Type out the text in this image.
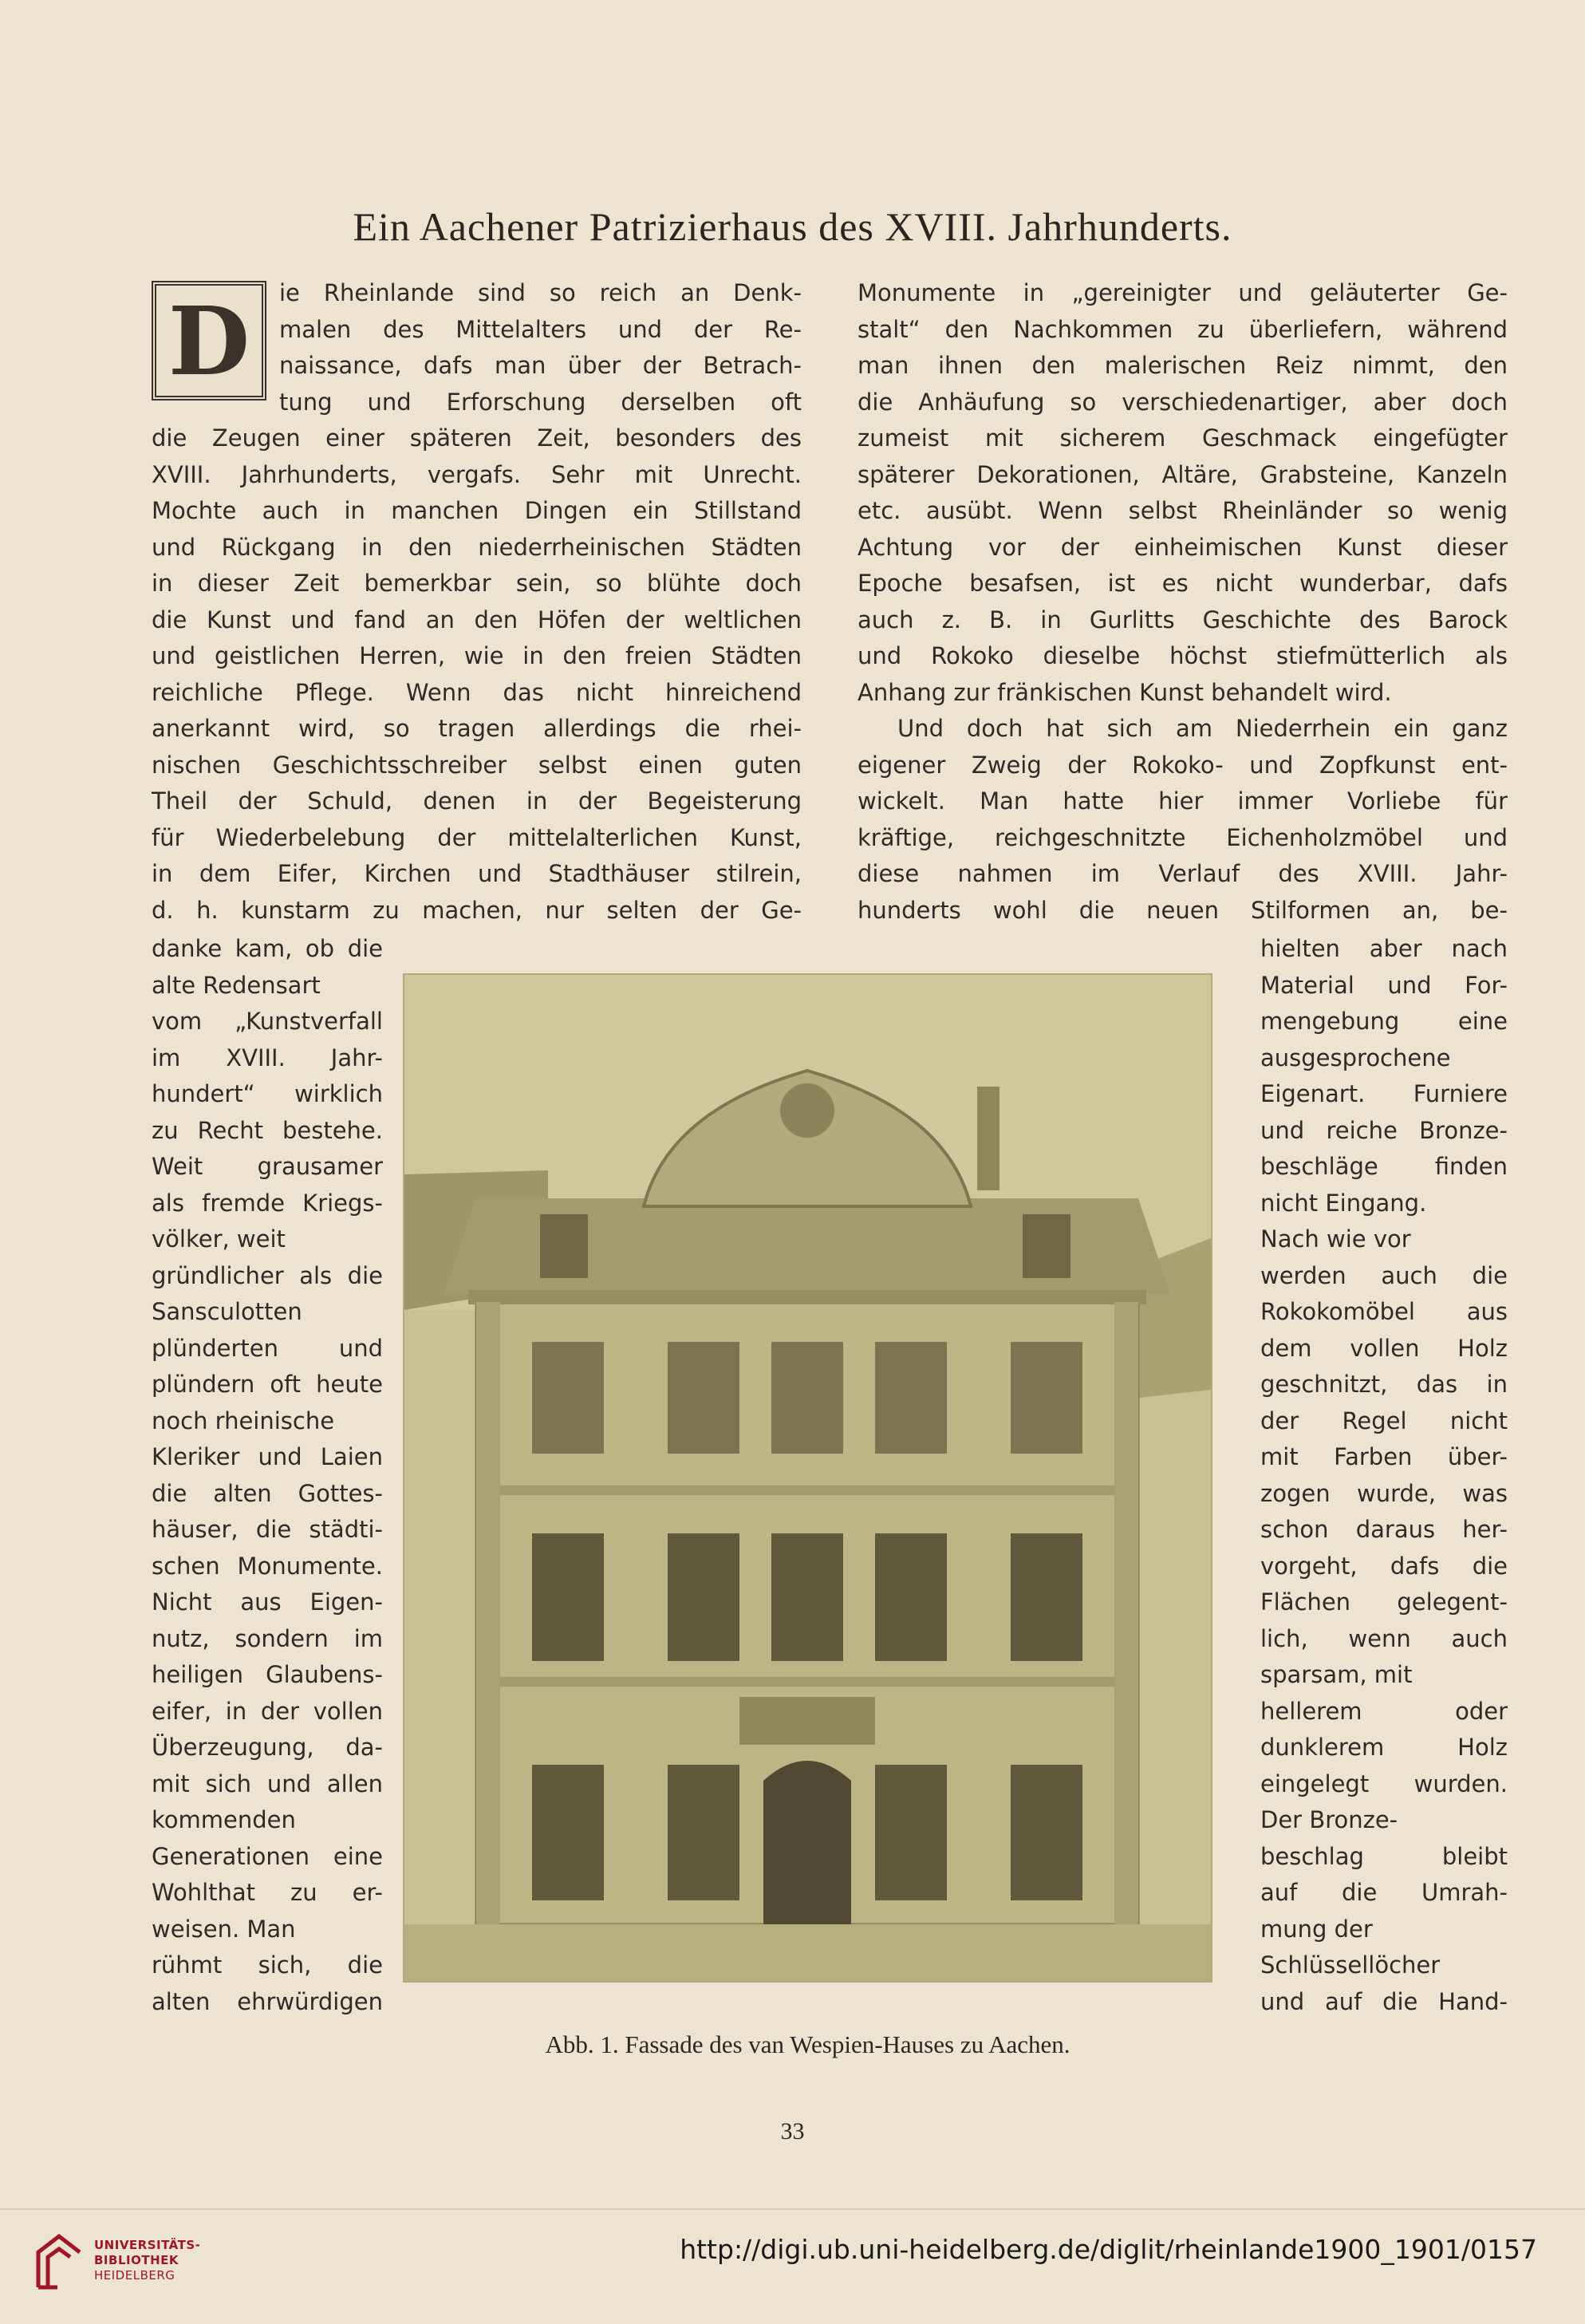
Ein Aachener Patrizierhaus des XVIII. Jahrhunderts.
D	ie Rheinlande sind so reich an Denk-
malen des Mittelalters und der Re-
naissance, dafs man über der Betrach-
tung und Erforschung derselben oft
die Zeugen einer späteren Zeit, besonders des
XVIII. Jahrhunderts, vergafs. Sehr mit Unrecht.
Mochte auch in manchen Dingen ein Stillstand
und Rückgang in den niederrheinischen Städten
in dieser Zeit bemerkbar sein, so blühte doch
die Kunst und fand an den Höfen der weltlichen
und geistlichen Herren, wie in den freien Städten
reichliche Pflege. Wenn das nicht hinreichend
anerkannt wird, so tragen allerdings die rhei-
nischen Geschichtsschreiber selbst einen guten
Theil der Schuld, denen in der Begeisterung
für Wiederbelebung der mittelalterlichen Kunst,
in dem Eifer, Kirchen und Stadthäuser stilrein,
d. h. kunstarm zu machen, nur selten der Ge-
danke kam, ob die
alte Redensart
vom „Kunstverfall
im XVIII. Jahr-
hundert“ wirklich
zu Recht bestehe.
Weit grausamer
als fremde Kriegs-
völker, weit
gründlicher als die
Sansculotten
plünderten und
plündern oft heute
noch rheinische
Kleriker und Laien
die alten Gottes-
häuser, die städti-
schen Monumente.
Nicht aus Eigen-
nutz, sondern im
heiligen Glaubens-
eifer, in der vollen
Überzeugung, da-
mit sich und allen
kommenden
Generationen eine
Wohlthat zu er-
weisen. Man
rühmt sich, die
alten ehrwürdigen
Monumente in „gereinigter und geläuterter Ge-
stalt“ den Nachkommen zu überliefern, während
man ihnen den malerischen Reiz nimmt, den
die Anhäufung so verschiedenartiger, aber doch
zumeist mit sicherem Geschmack eingefügter
späterer Dekorationen, Altäre, Grabsteine, Kanzeln
etc. ausübt. Wenn selbst Rheinländer so wenig
Achtung vor der einheimischen Kunst dieser
Epoche besafsen, ist es nicht wunderbar, dafs
auch z. B. in Gurlitts Geschichte des Barock
und Rokoko dieselbe höchst stiefmütterlich als
Anhang zur fränkischen Kunst behandelt wird.
Und doch hat sich am Niederrhein ein ganz
eigener Zweig der Rokoko- und Zopfkunst ent-
wickelt. Man hatte hier immer Vorliebe für
kräftige, reichgeschnitzte Eichenholzmöbel und
diese nahmen im Verlauf des XVIII. Jahr-
hunderts wohl die neuen Stilformen an, be-
hielten aber nach
Material und For-
mengebung eine
ausgesprochene
Eigenart. Furniere
und reiche Bronze-
beschläge finden
nicht Eingang.
Nach wie vor
werden auch die
Rokokomöbel aus
dem vollen Holz
geschnitzt, das in
der Regel nicht
mit Farben über-
zogen wurde, was
schon daraus her-
vorgeht, dafs die
Flächen gelegent-
lich, wenn auch
sparsam, mit
hellerem oder
dunklerem Holz
eingelegt wurden.
Der Bronze-
beschlag bleibt
auf die Umrah-
mung der
Schlüssellöcher
und auf die Hand-
Abb. 1. Fassade des van Wespien-Hauses zu Aachen.
33
UNIVERSITÄTS-
BIBLIOTHEK
HEIDELBERG
http://digi.ub.uni-heidelberg.de/diglit/rheinlande1900_1901/0157
